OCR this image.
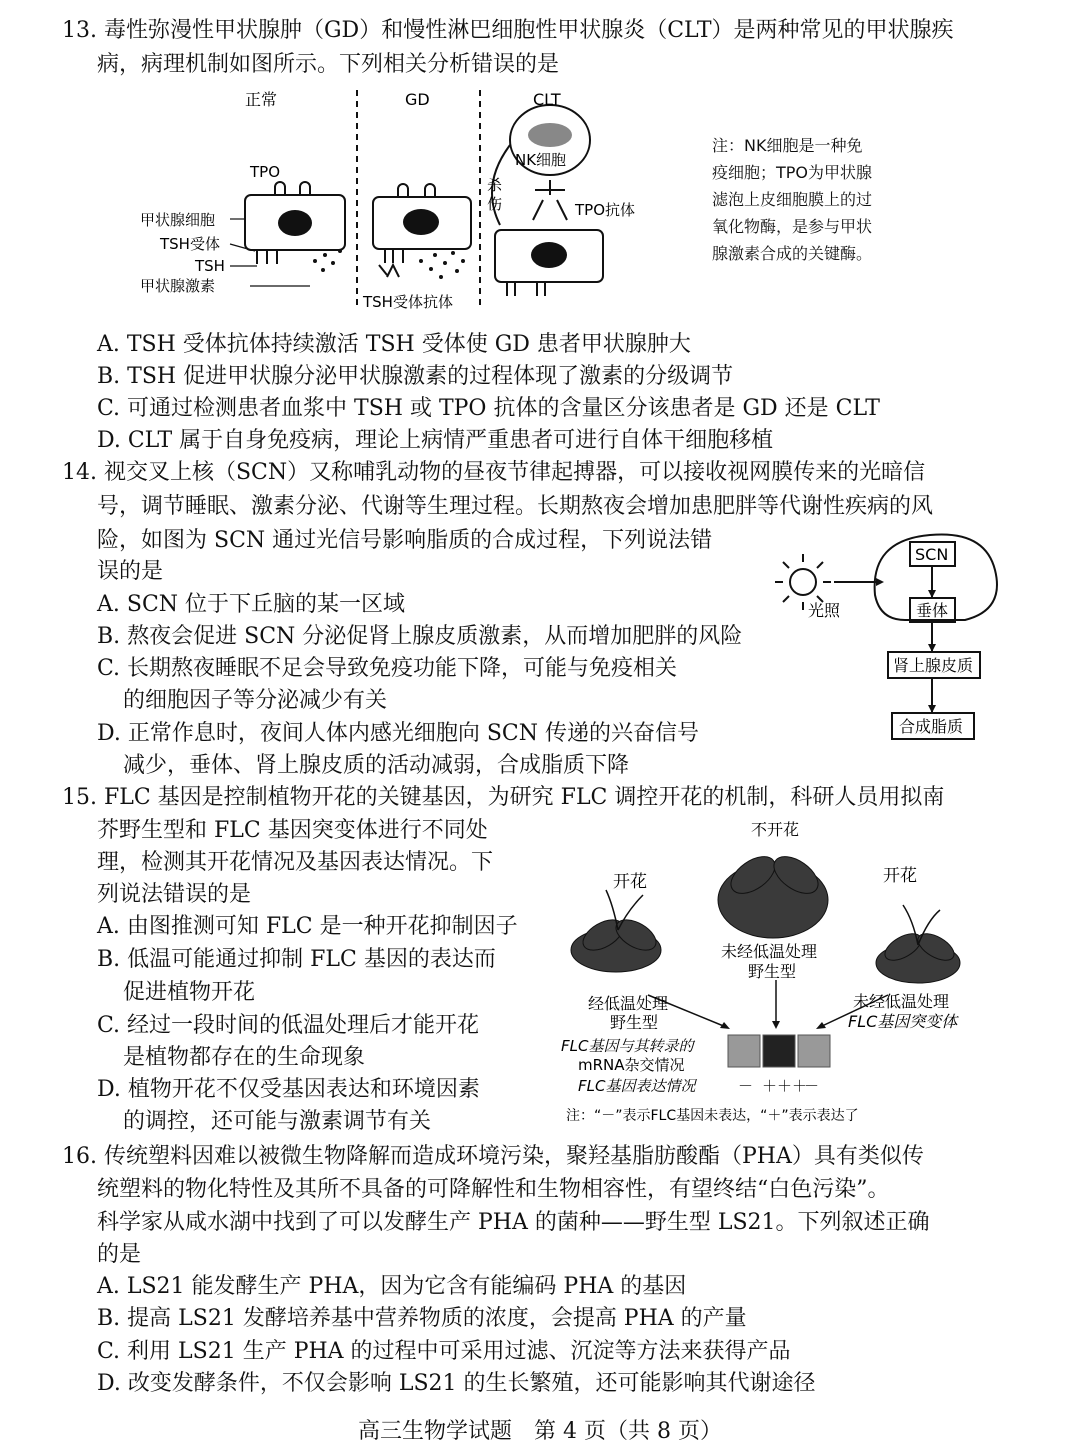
13. 毒性弥漫性甲状腺肿（GD）和慢性淋巴细胞性甲状腺炎（CLT）是两种常见的甲状腺疾
病，病理机制如图所示。下列相关分析错误的是
正常	GD	CLT
TPO
甲状腺细胞
TSH受体
TSH
甲状腺激素
TSH受体抗体
NK细胞
杀
伤	TPO抗体
注：NK细胞是一种免
疫细胞；TPO为甲状腺
滤泡上皮细胞膜上的过
氧化物酶，是参与甲状
腺激素合成的关键酶。
A. TSH 受体抗体持续激活 TSH 受体使 GD 患者甲状腺肿大
B. TSH 促进甲状腺分泌甲状腺激素的过程体现了激素的分级调节
C. 可通过检测患者血浆中 TSH 或 TPO 抗体的含量区分该患者是 GD 还是 CLT
D. CLT 属于自身免疫病，理论上病情严重患者可进行自体干细胞移植
14. 视交叉上核（SCN）又称哺乳动物的昼夜节律起搏器，可以接收视网膜传来的光暗信
号，调节睡眠、激素分泌、代谢等生理过程。长期熬夜会增加患肥胖等代谢性疾病的风
险，如图为 SCN 通过光信号影响脂质的合成过程，下列说法错
误的是
光照
SCN
垂体
肾上腺皮质
合成脂质
A. SCN 位于下丘脑的某一区域
B. 熬夜会促进 SCN 分泌促肾上腺皮质激素，从而增加肥胖的风险
C. 长期熬夜睡眠不足会导致免疫功能下降，可能与免疫相关
的细胞因子等分泌减少有关
D. 正常作息时，夜间人体内感光细胞向 SCN 传递的兴奋信号
减少，垂体、肾上腺皮质的活动减弱，合成脂质下降
15. FLC 基因是控制植物开花的关键基因，为研究 FLC 调控开花的机制，科研人员用拟南
芥野生型和 FLC 基因突变体进行不同处
理，检测其开花情况及基因表达情况。下
列说法错误的是
不开花
开花	开花
未经低温处理
野生型
经低温处理
野生型
未经低温处理
FLC基因突变体
FLC基因与其转录的
mRNA杂交情况
FLC基因表达情况	－ ＋＋＋
－
注：“－”表示FLC基因未表达，“＋”表示表达了
A. 由图推测可知 FLC 是一种开花抑制因子
B. 低温可能通过抑制 FLC 基因的表达而
促进植物开花
C. 经过一段时间的低温处理后才能开花
是植物都存在的生命现象
D. 植物开花不仅受基因表达和环境因素
的调控，还可能与激素调节有关
16. 传统塑料因难以被微生物降解而造成环境污染，聚羟基脂肪酸酯（PHA）具有类似传
统塑料的物化特性及其所不具备的可降解性和生物相容性，有望终结“白色污染”。
科学家从咸水湖中找到了可以发酵生产 PHA 的菌种——野生型 LS21。下列叙述正确
的是
A. LS21 能发酵生产 PHA，因为它含有能编码 PHA 的基因
B. 提高 LS21 发酵培养基中营养物质的浓度，会提高 PHA 的产量
C. 利用 LS21 生产 PHA 的过程中可采用过滤、沉淀等方法来获得产品
D. 改变发酵条件，不仅会影响 LS21 的生长繁殖，还可能影响其代谢途径
高三生物学试题　第 4 页（共 8 页）
